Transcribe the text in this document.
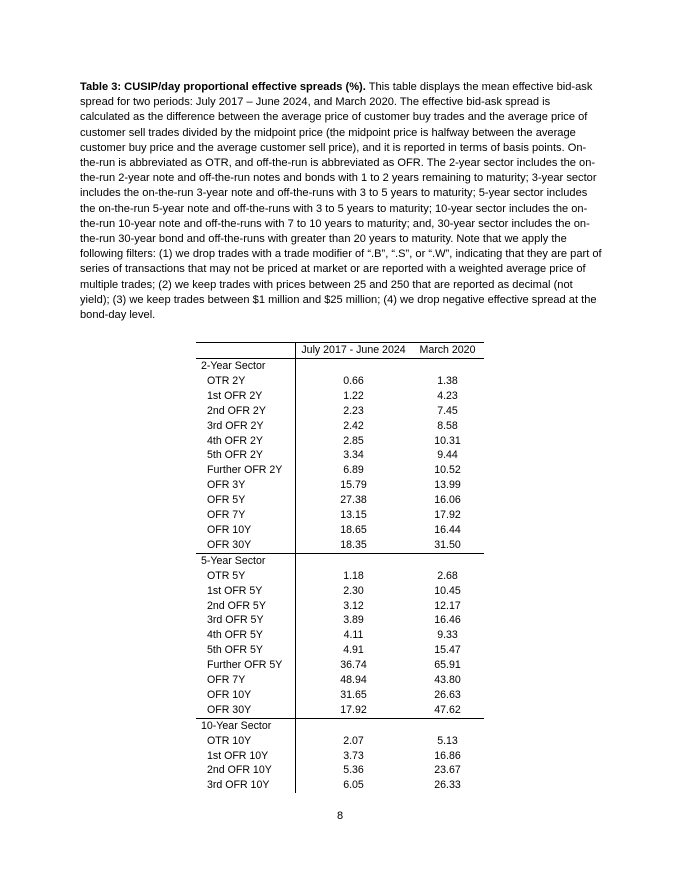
Table 3: CUSIP/day proportional effective spreads (%). This table displays the mean effective bid-ask spread for two periods: July 2017 – June 2024, and March 2020. The effective bid-ask spread is calculated as the difference between the average price of customer buy trades and the average price of customer sell trades divided by the midpoint price (the midpoint price is halfway between the average customer buy price and the average customer sell price), and it is reported in terms of basis points. On-the-run is abbreviated as OTR, and off-the-run is abbreviated as OFR. The 2-year sector includes the on-the-run 2-year note and off-the-run notes and bonds with 1 to 2 years remaining to maturity; 3-year sector includes the on-the-run 3-year note and off-the-runs with 3 to 5 years to maturity; 5-year sector includes the on-the-run 5-year note and off-the-runs with 3 to 5 years to maturity; 10-year sector includes the on-the-run 10-year note and off-the-runs with 7 to 10 years to maturity; and, 30-year sector includes the on-the-run 30-year bond and off-the-runs with greater than 20 years to maturity. Note that we apply the following filters: (1) we drop trades with a trade modifier of “.B”, “.S”, or “.W”, indicating that they are part of series of transactions that may not be priced at market or are reported with a weighted average price of multiple trades; (2) we keep trades with prices between 25 and 250 that are reported as decimal (not yield); (3) we keep trades between $1 million and $25 million; (4) we drop negative effective spread at the bond-day level.
	July 2017 - June 2024	March 2020
2-Year Sector		
OTR 2Y	0.66	1.38
1st OFR 2Y	1.22	4.23
2nd OFR 2Y	2.23	7.45
3rd OFR 2Y	2.42	8.58
4th OFR 2Y	2.85	10.31
5th OFR 2Y	3.34	9.44
Further OFR 2Y	6.89	10.52
OFR 3Y	15.79	13.99
OFR 5Y	27.38	16.06
OFR 7Y	13.15	17.92
OFR 10Y	18.65	16.44
OFR 30Y	18.35	31.50
5-Year Sector		
OTR 5Y	1.18	2.68
1st OFR 5Y	2.30	10.45
2nd OFR 5Y	3.12	12.17
3rd OFR 5Y	3.89	16.46
4th OFR 5Y	4.11	9.33
5th OFR 5Y	4.91	15.47
Further OFR 5Y	36.74	65.91
OFR 7Y	48.94	43.80
OFR 10Y	31.65	26.63
OFR 30Y	17.92	47.62
10-Year Sector		
OTR 10Y	2.07	5.13
1st OFR 10Y	3.73	16.86
2nd OFR 10Y	5.36	23.67
3rd OFR 10Y	6.05	26.33
8
